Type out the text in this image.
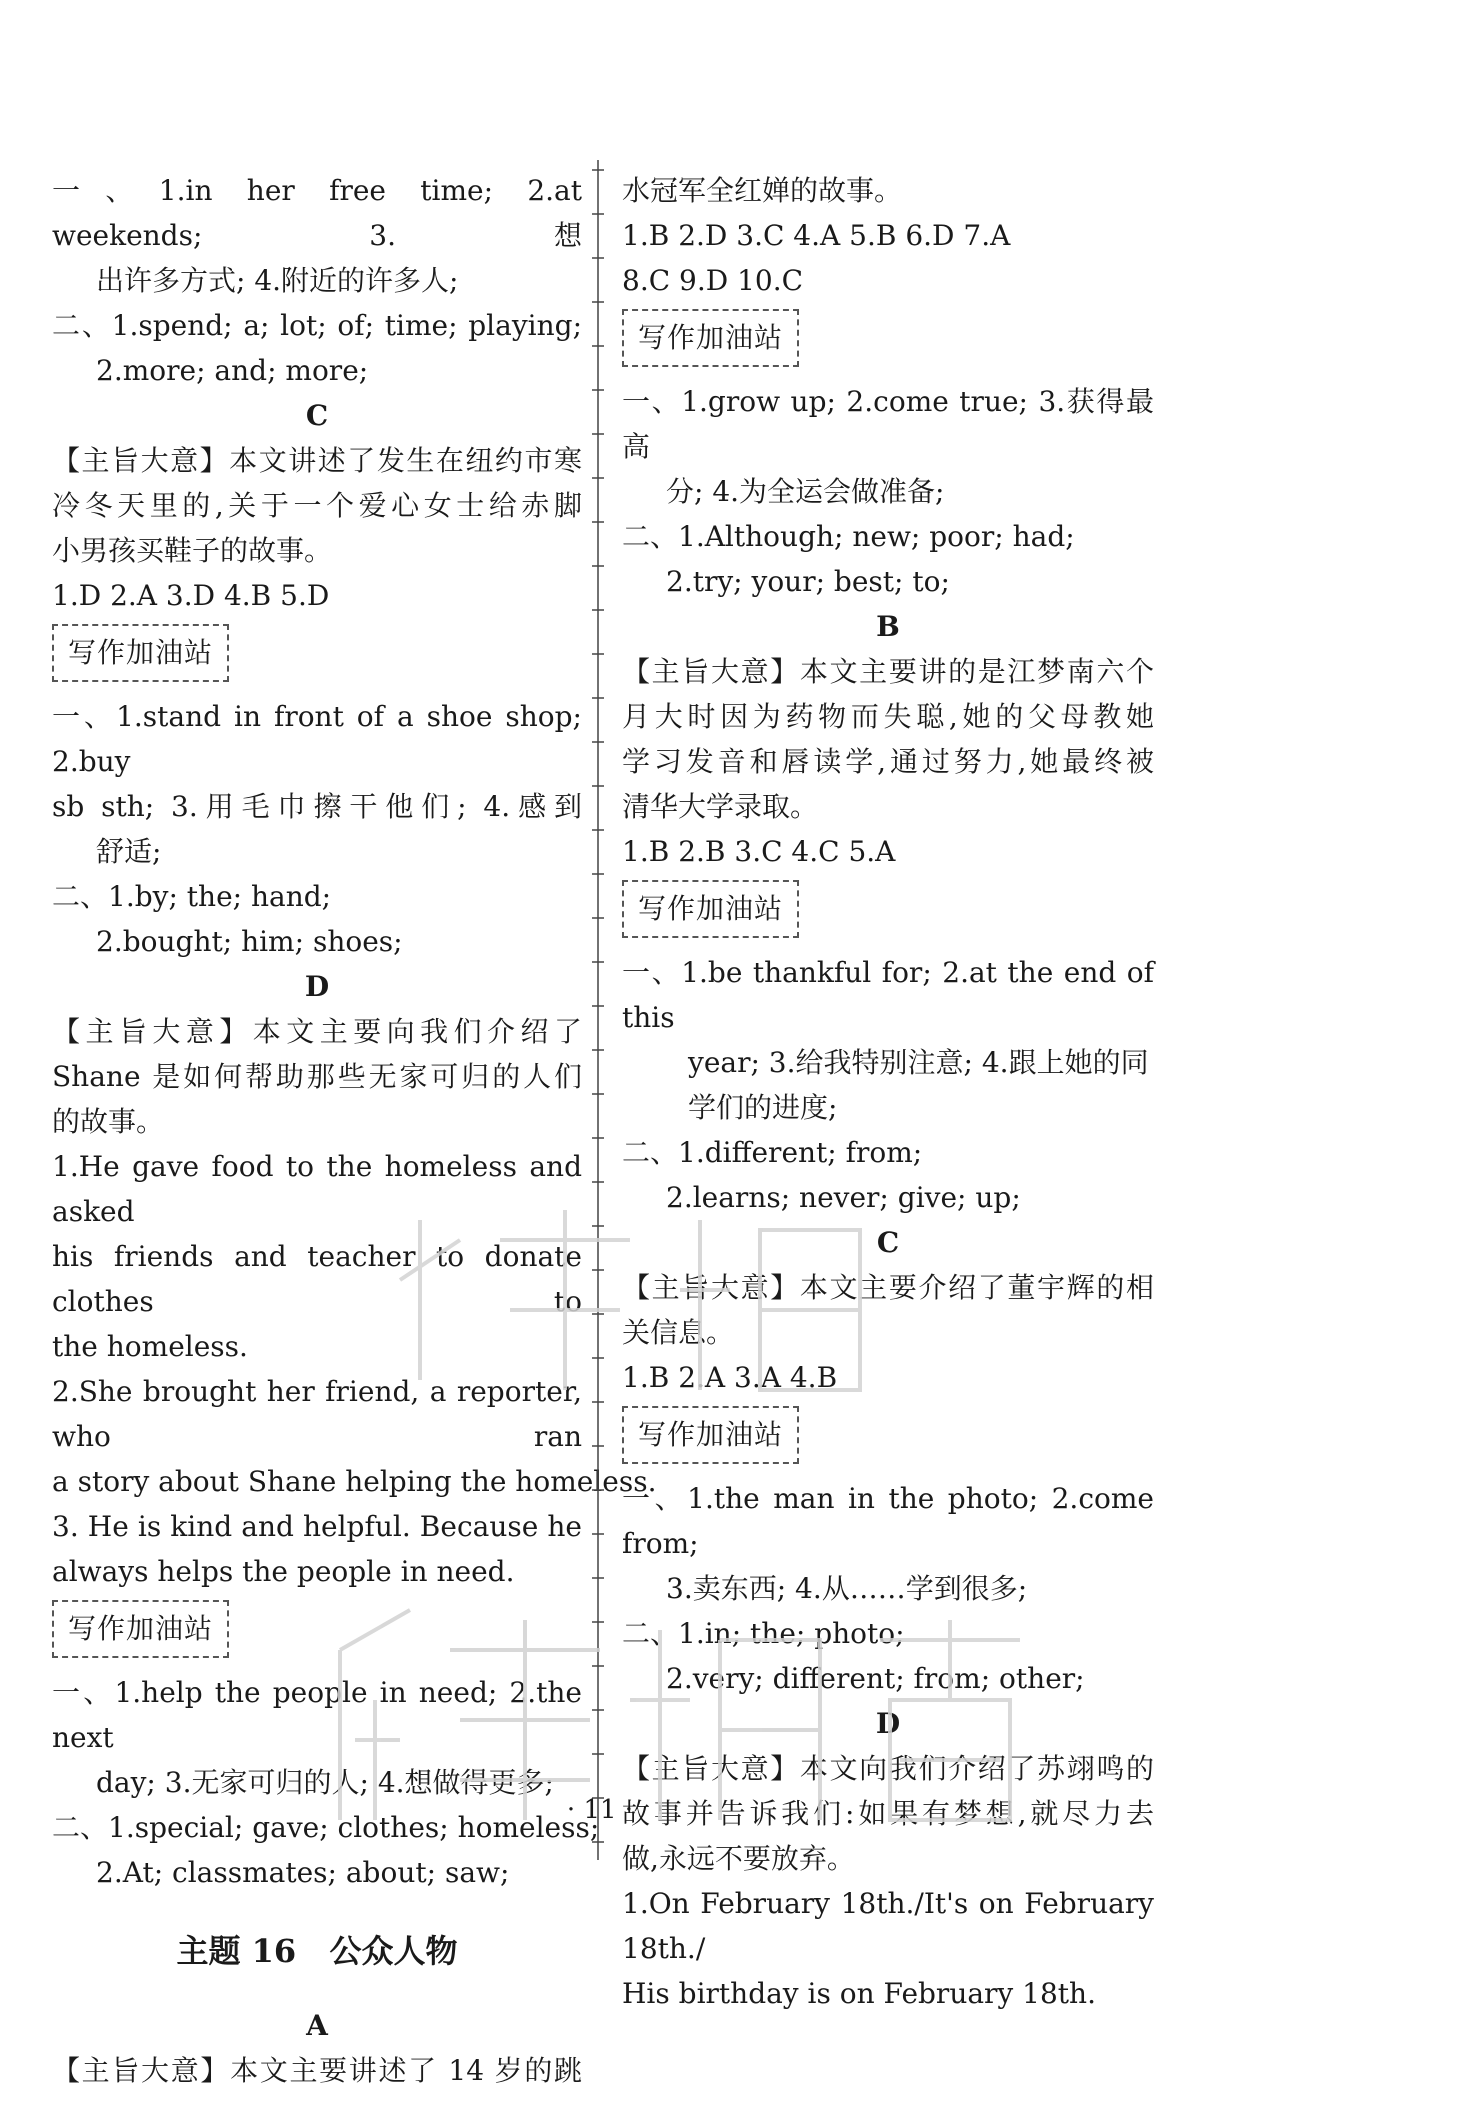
一、1.in her free time; 2.at weekends; 3.想
出许多方式; 4.附近的许多人;
二、1.spend; a; lot; of; time; playing;
2.more; and; more;
C
【主旨大意】本文讲述了发生在纽约市寒
冷冬天里的,关于一个爱心女士给赤脚
小男孩买鞋子的故事。
1.D 2.A 3.D 4.B 5.D
写作加油站
一、1.stand in front of a shoe shop; 2.buy
sb sth; 3.用毛巾擦干他们; 4.感到
舒适;
二、1.by; the; hand;
2.bought; him; shoes;
D
【主旨大意】本文主要向我们介绍了
Shane 是如何帮助那些无家可归的人们
的故事。
1.He gave food to the homeless and asked
his friends and teacher to donate clothes to
the homeless.
2.She brought her friend, a reporter, who ran
a story about Shane helping the homeless.
3. He is kind and helpful. Because he
always helps the people in need.
写作加油站
一、1.help the people in need; 2.the next
day; 3.无家可归的人; 4.想做得更多;
二、1.special; gave; clothes; homeless;
2.At; classmates; about; saw;
主题 16   公众人物
A
【主旨大意】本文主要讲述了 14 岁的跳
水冠军全红婵的故事。
1.B 2.D 3.C 4.A 5.B 6.D 7.A
8.C 9.D 10.C
写作加油站
一、1.grow up; 2.come true; 3.获得最高
分; 4.为全运会做准备;
二、1.Although; new; poor; had;
2.try; your; best; to;
B
【主旨大意】本文主要讲的是江梦南六个
月大时因为药物而失聪,她的父母教她
学习发音和唇读学,通过努力,她最终被
清华大学录取。
1.B 2.B 3.C 4.C 5.A
写作加油站
一、1.be thankful for; 2.at the end of this
year; 3.给我特别注意; 4.跟上她的同
学们的进度;
二、1.different; from;
2.learns; never; give; up;
C
【主旨大意】本文主要介绍了董宇辉的相
关信息。
1.B 2.A 3.A 4.B
写作加油站
一、1.the man in the photo; 2.come from;
3.卖东西; 4.从……学到很多;
二、1.in; the; photo;
2.very; different; from; other;
D
【主旨大意】本文向我们介绍了苏翊鸣的
故事并告诉我们:如果有梦想,就尽力去
做,永远不要放弃。
1.On February 18th./It's on February 18th./
His birthday is on February 18th.
· 11 ·
